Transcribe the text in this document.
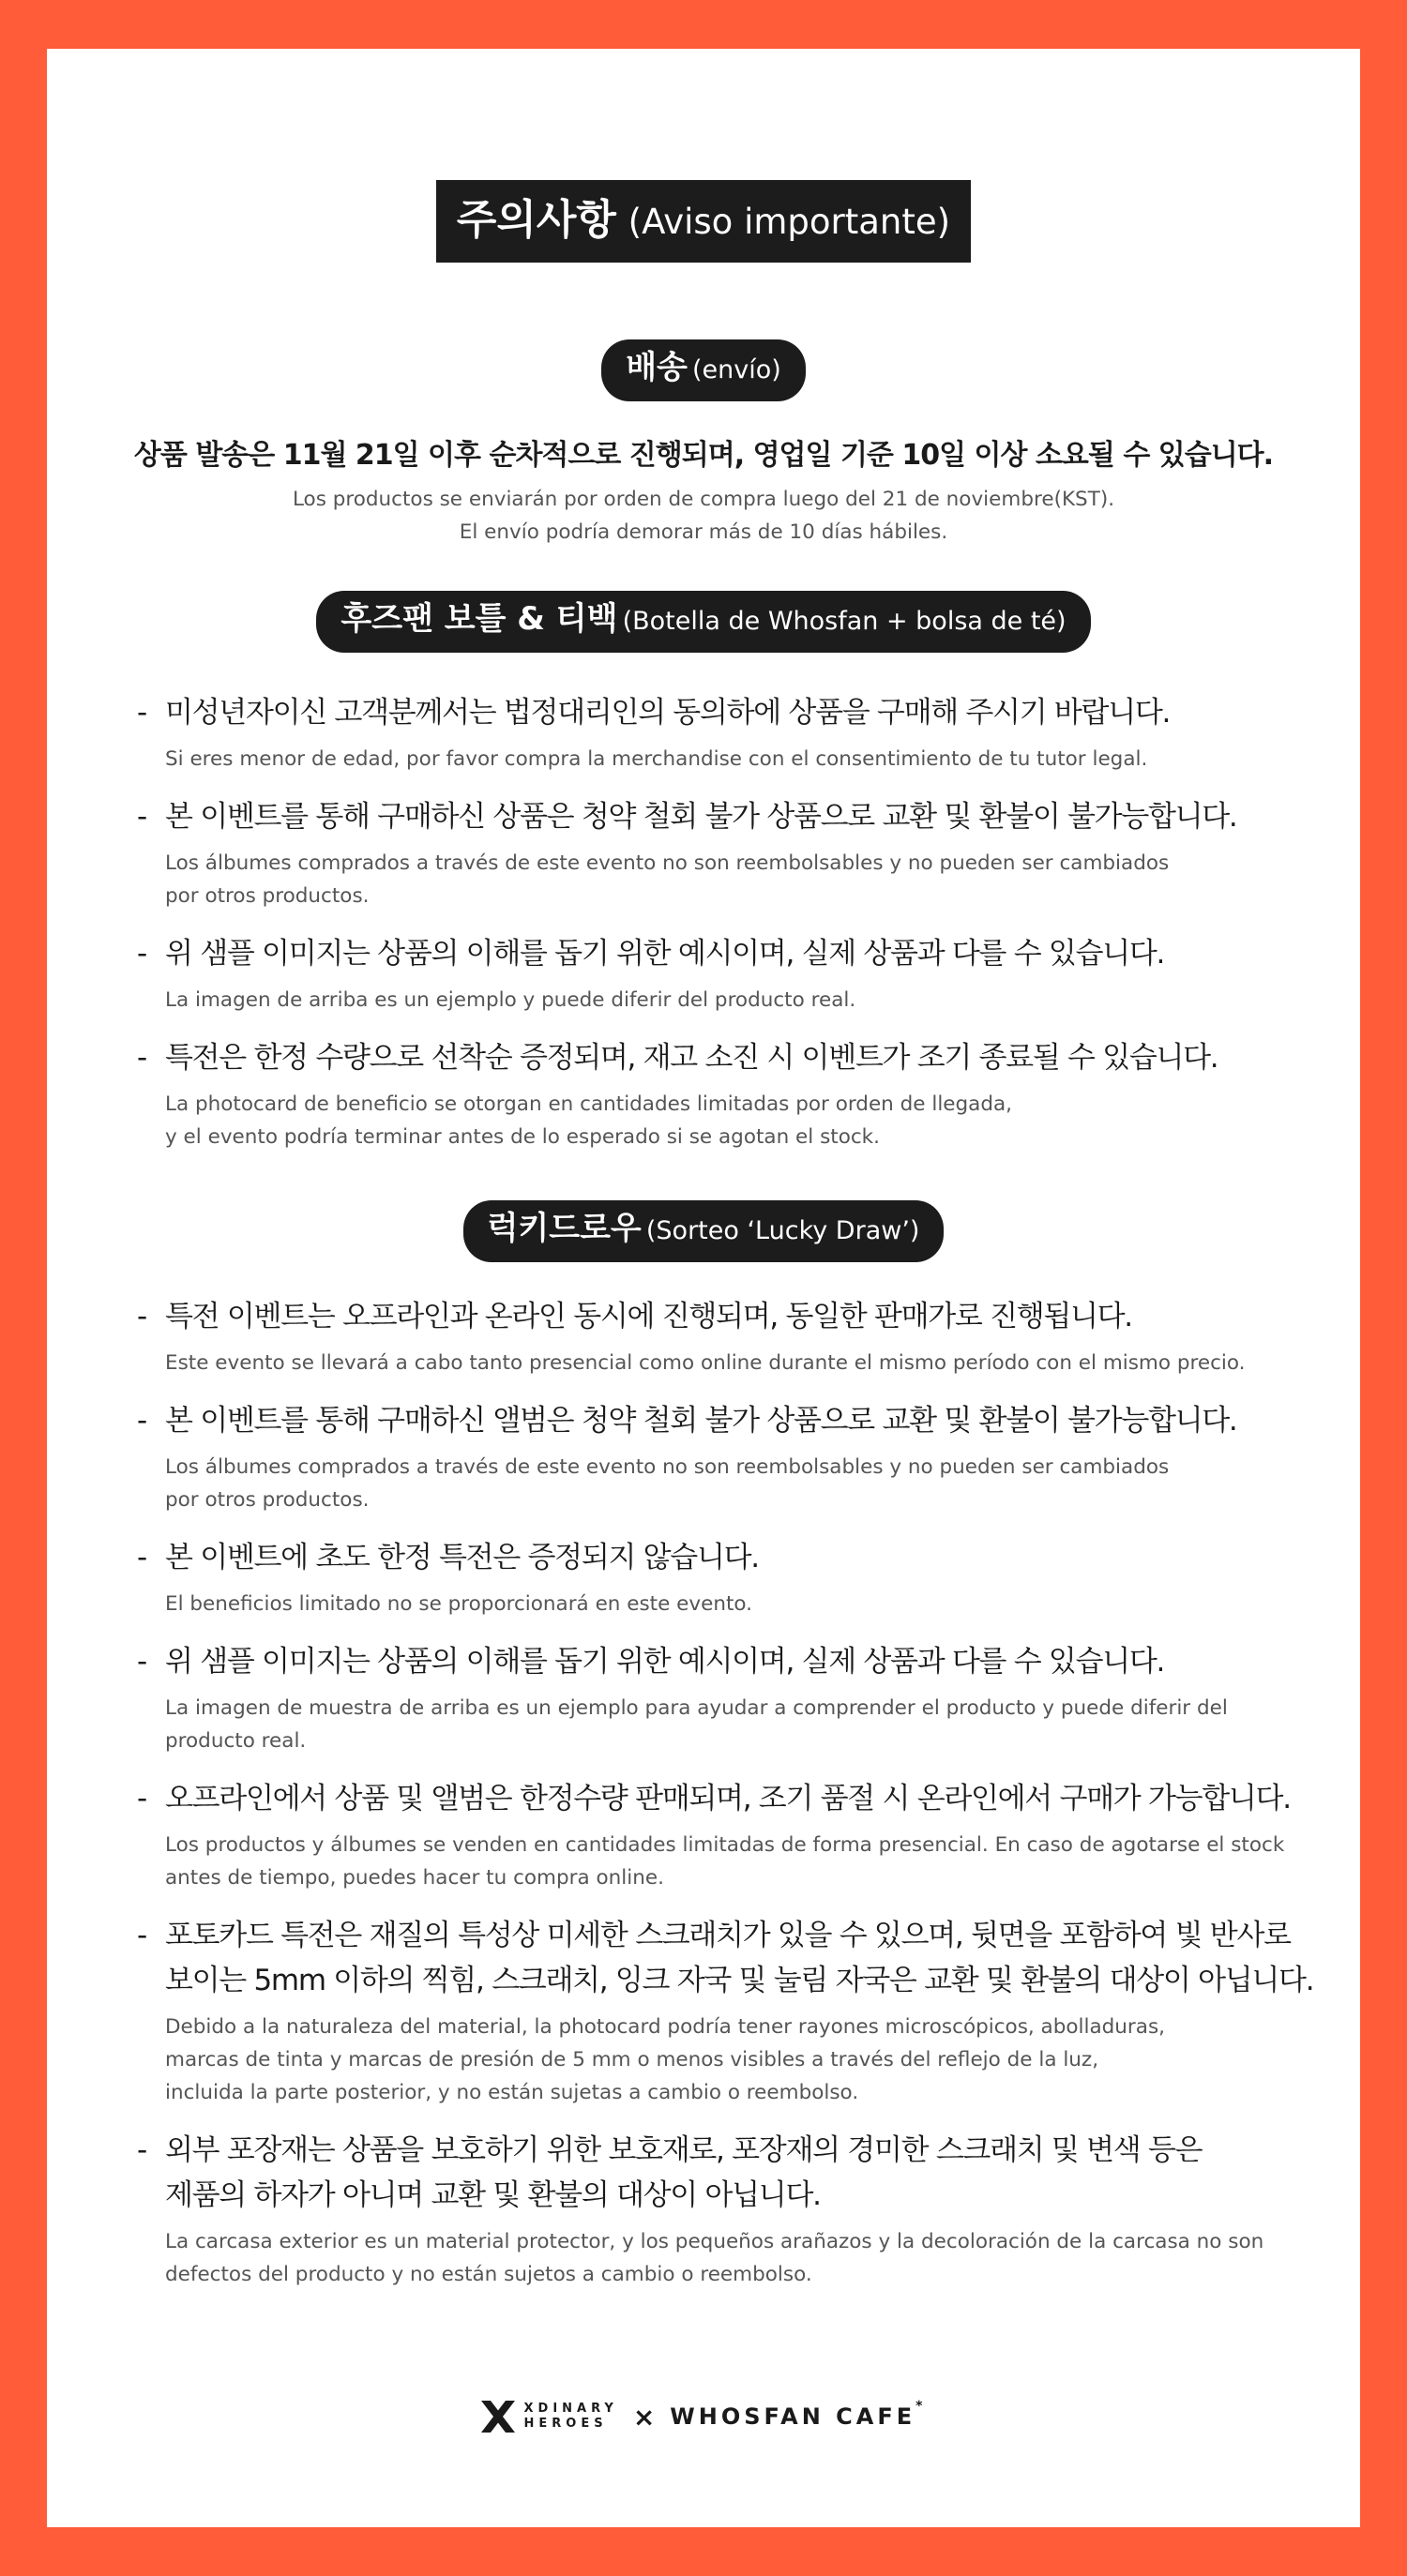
주의사항 (Aviso importante)
배송 (envío)
상품 발송은 11월 21일 이후 순차적으로 진행되며, 영업일 기준 10일 이상 소요될 수 있습니다.
Los productos se enviarán por orden de compra luego del 21 de noviembre(KST).
El envío podría demorar más de 10 días hábiles.
후즈팬 보틀 & 티백 (Botella de Whosfan + bolsa de té)
- 미성년자이신 고객분께서는 법정대리인의 동의하에 상품을 구매해 주시기 바랍니다.
Si eres menor de edad, por favor compra la merchandise con el consentimiento de tu tutor legal.
- 본 이벤트를 통해 구매하신 상품은 청약 철회 불가 상품으로 교환 및 환불이 불가능합니다.
Los álbumes comprados a través de este evento no son reembolsables y no pueden ser cambiados
por otros productos.
- 위 샘플 이미지는 상품의 이해를 돕기 위한 예시이며, 실제 상품과 다를 수 있습니다.
La imagen de arriba es un ejemplo y puede diferir del producto real.
- 특전은 한정 수량으로 선착순 증정되며, 재고 소진 시 이벤트가 조기 종료될 수 있습니다.
La photocard de beneficio se otorgan en cantidades limitadas por orden de llegada,
y el evento podría terminar antes de lo esperado si se agotan el stock.
럭키드로우 (Sorteo ‘Lucky Draw’)
- 특전 이벤트는 오프라인과 온라인 동시에 진행되며, 동일한 판매가로 진행됩니다.
Este evento se llevará a cabo tanto presencial como online durante el mismo período con el mismo precio.
- 본 이벤트를 통해 구매하신 앨범은 청약 철회 불가 상품으로 교환 및 환불이 불가능합니다.
Los álbumes comprados a través de este evento no son reembolsables y no pueden ser cambiados
por otros productos.
- 본 이벤트에 초도 한정 특전은 증정되지 않습니다.
El beneficios limitado no se proporcionará en este evento.
- 위 샘플 이미지는 상품의 이해를 돕기 위한 예시이며, 실제 상품과 다를 수 있습니다.
La imagen de muestra de arriba es un ejemplo para ayudar a comprender el producto y puede diferir del
producto real.
- 오프라인에서 상품 및 앨범은 한정수량 판매되며, 조기 품절 시 온라인에서 구매가 가능합니다.
Los productos y álbumes se venden en cantidades limitadas de forma presencial. En caso de agotarse el stock
antes de tiempo, puedes hacer tu compra online.
- 포토카드 특전은 재질의 특성상 미세한 스크래치가 있을 수 있으며, 뒷면을 포함하여 빛 반사로
보이는 5mm 이하의 찍힘, 스크래치, 잉크 자국 및 눌림 자국은 교환 및 환불의 대상이 아닙니다.
Debido a la naturaleza del material, la photocard podría tener rayones microscópicos, abolladuras,
marcas de tinta y marcas de presión de 5 mm o menos visibles a través del reflejo de la luz,
incluida la parte posterior, y no están sujetas a cambio o reembolso.
- 외부 포장재는 상품을 보호하기 위한 보호재로, 포장재의 경미한 스크래치 및 변색 등은
제품의 하자가 아니며 교환 및 환불의 대상이 아닙니다.
La carcasa exterior es un material protector, y los pequeños arañazos y la decoloración de la carcasa no son
defectos del producto y no están sujetos a cambio o reembolso.
XDINARY
HEROES × WHOSFAN CAFE*
